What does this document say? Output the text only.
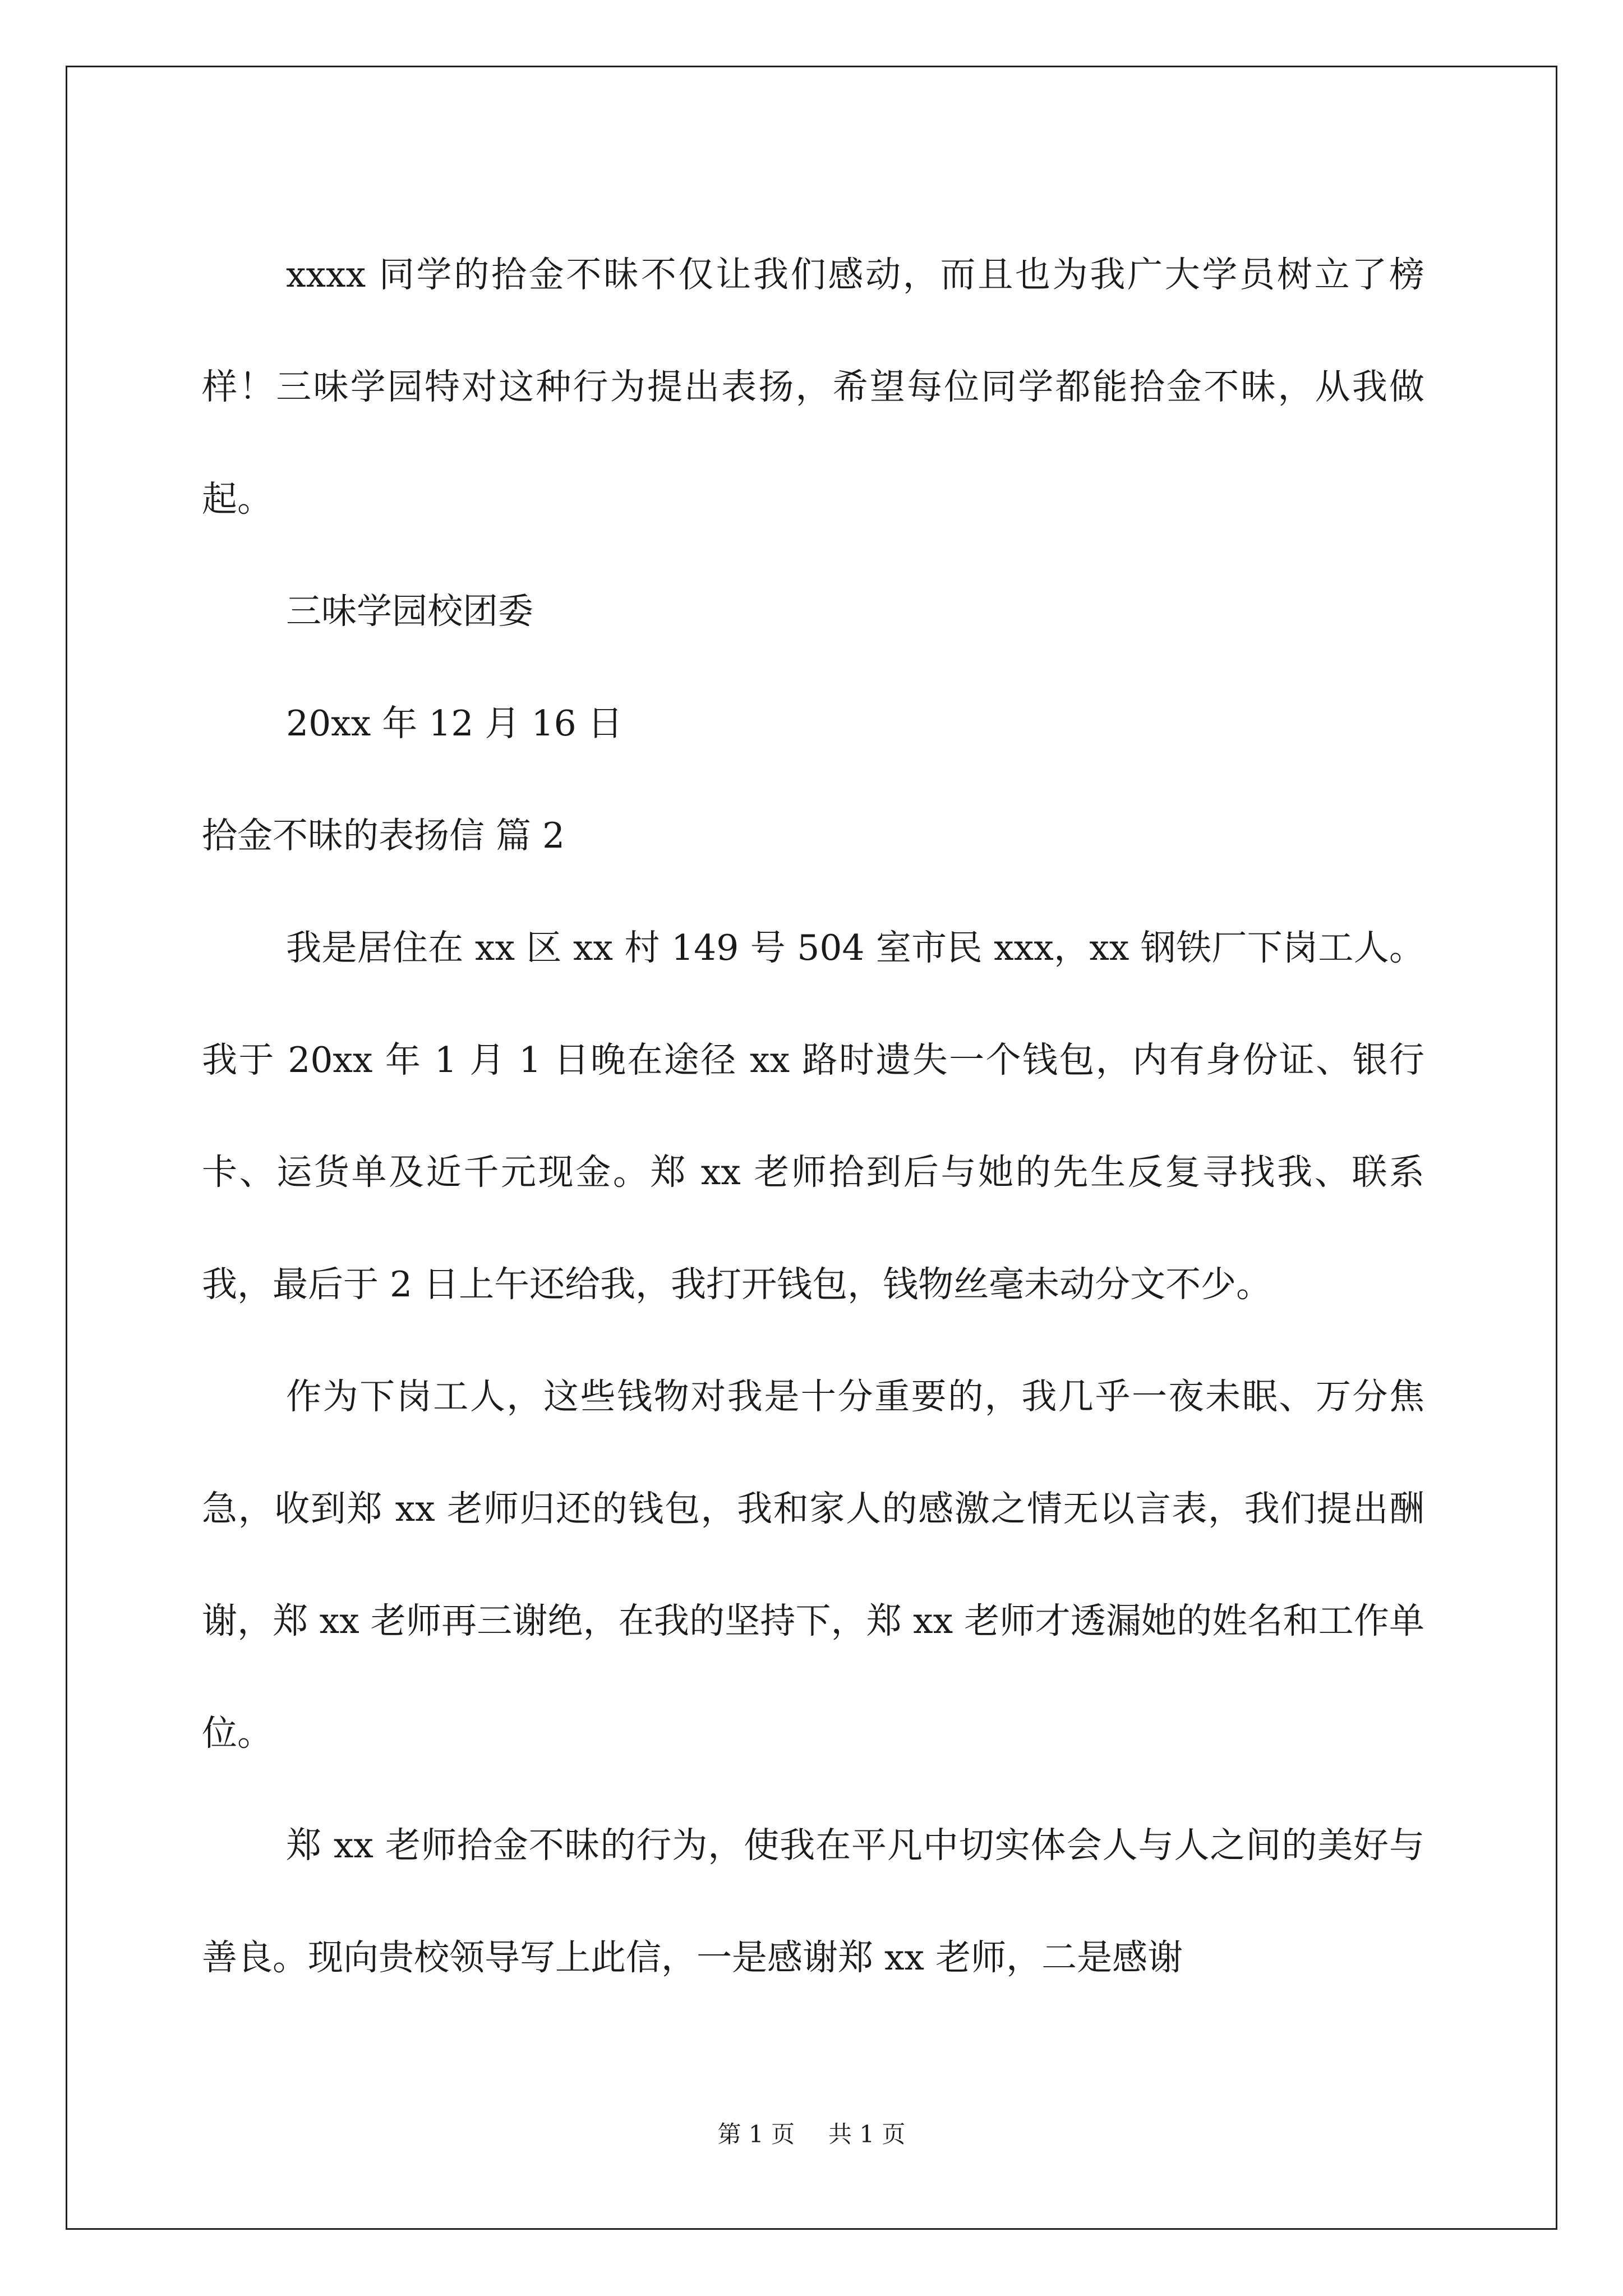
xxxx 同学的拾金不昧不仅让我们感动，而且也为我广大学员树立了榜样！三味学园特对这种行为提出表扬，希望每位同学都能拾金不昧，从我做起。

三味学园校团委

20xx 年 12 月 16 日

拾金不昧的表扬信 篇 2

我是居住在 xx 区 xx 村 149 号 504 室市民 xxx，xx 钢铁厂下岗工人。我于 20xx 年 1 月 1 日晚在途径 xx 路时遗失一个钱包，内有身份证、银行卡、运货单及近千元现金。郑 xx 老师拾到后与她的先生反复寻找我、联系我，最后于 2 日上午还给我，我打开钱包，钱物丝毫未动分文不少。

作为下岗工人，这些钱物对我是十分重要的，我几乎一夜未眠、万分焦急，收到郑 xx 老师归还的钱包，我和家人的感激之情无以言表，我们提出酬谢，郑 xx 老师再三谢绝，在我的坚持下，郑 xx 老师才透漏她的姓名和工作单位。

郑 xx 老师拾金不昧的行为，使我在平凡中切实体会人与人之间的美好与善良。现向贵校领导写上此信，一是感谢郑 xx 老师，二是感谢

第 1 页 共 1 页
